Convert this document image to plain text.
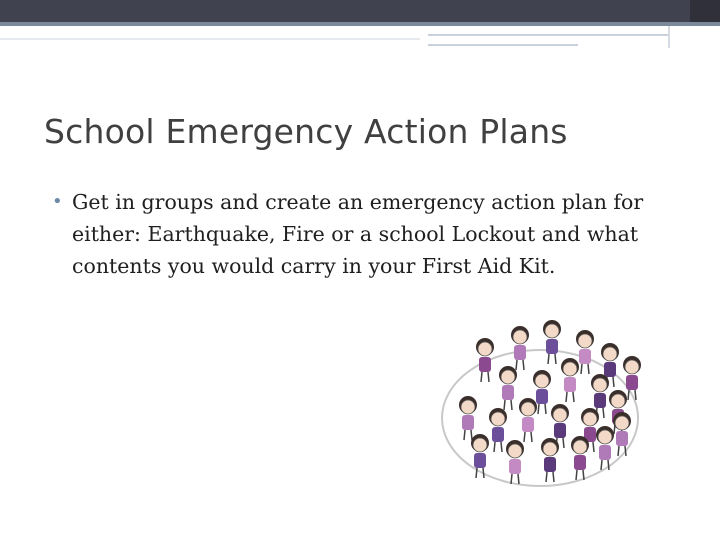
School Emergency Action Plans
• Get in groups and create an emergency action plan for either: Earthquake, Fire or a school Lockout and what contents you would carry in your First Aid Kit.
